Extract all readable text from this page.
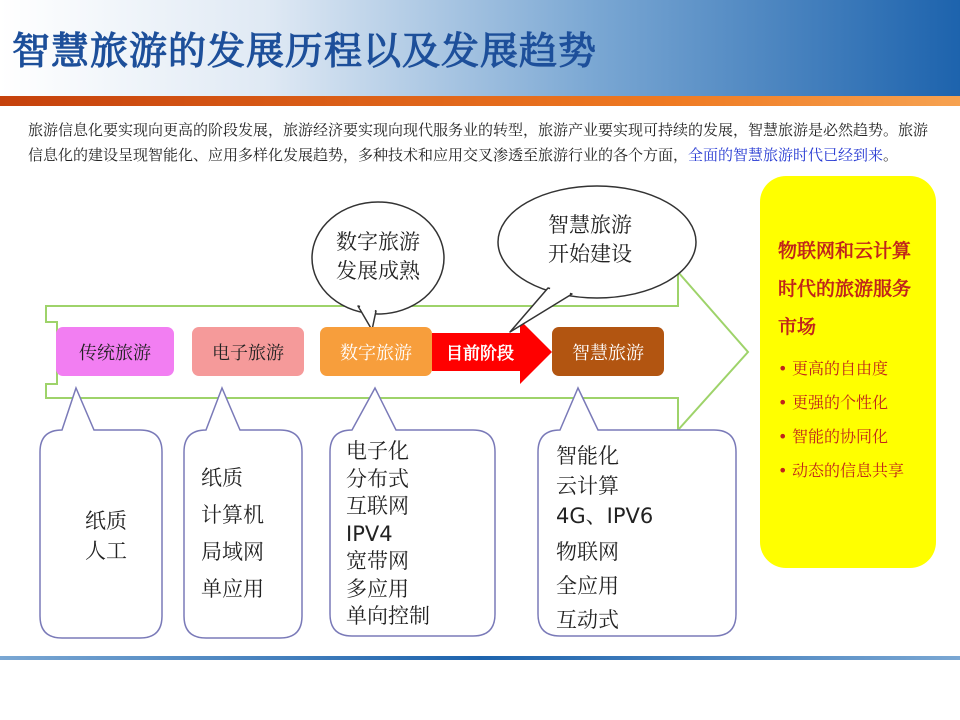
智慧旅游的发展历程以及发展趋势

旅游信息化要实现向更高的阶段发展，旅游经济要实现向现代服务业的转型，旅游产业要实现可持续的发展，智慧旅游是必然趋势。旅游信息化的建设呈现智能化、应用多样化发展趋势，多种技术和应用交叉渗透至旅游行业的各个方面，全面的智慧旅游时代已经到来。

传统旅游	电子旅游	数字旅游	智慧旅游
目前阶段
数字旅游
发展成熟
智慧旅游
开始建设
纸质
人工
纸质
计算机
局域网
单应用
电子化
分布式
互联网
IPV4
宽带网
多应用
单向控制
智能化
云计算
4G、IPV6
物联网
全应用
互动式

物联网和云计算时代的旅游服务市场

• 更高的自由度
• 更强的个性化
• 智能的协同化
• 动态的信息共享
